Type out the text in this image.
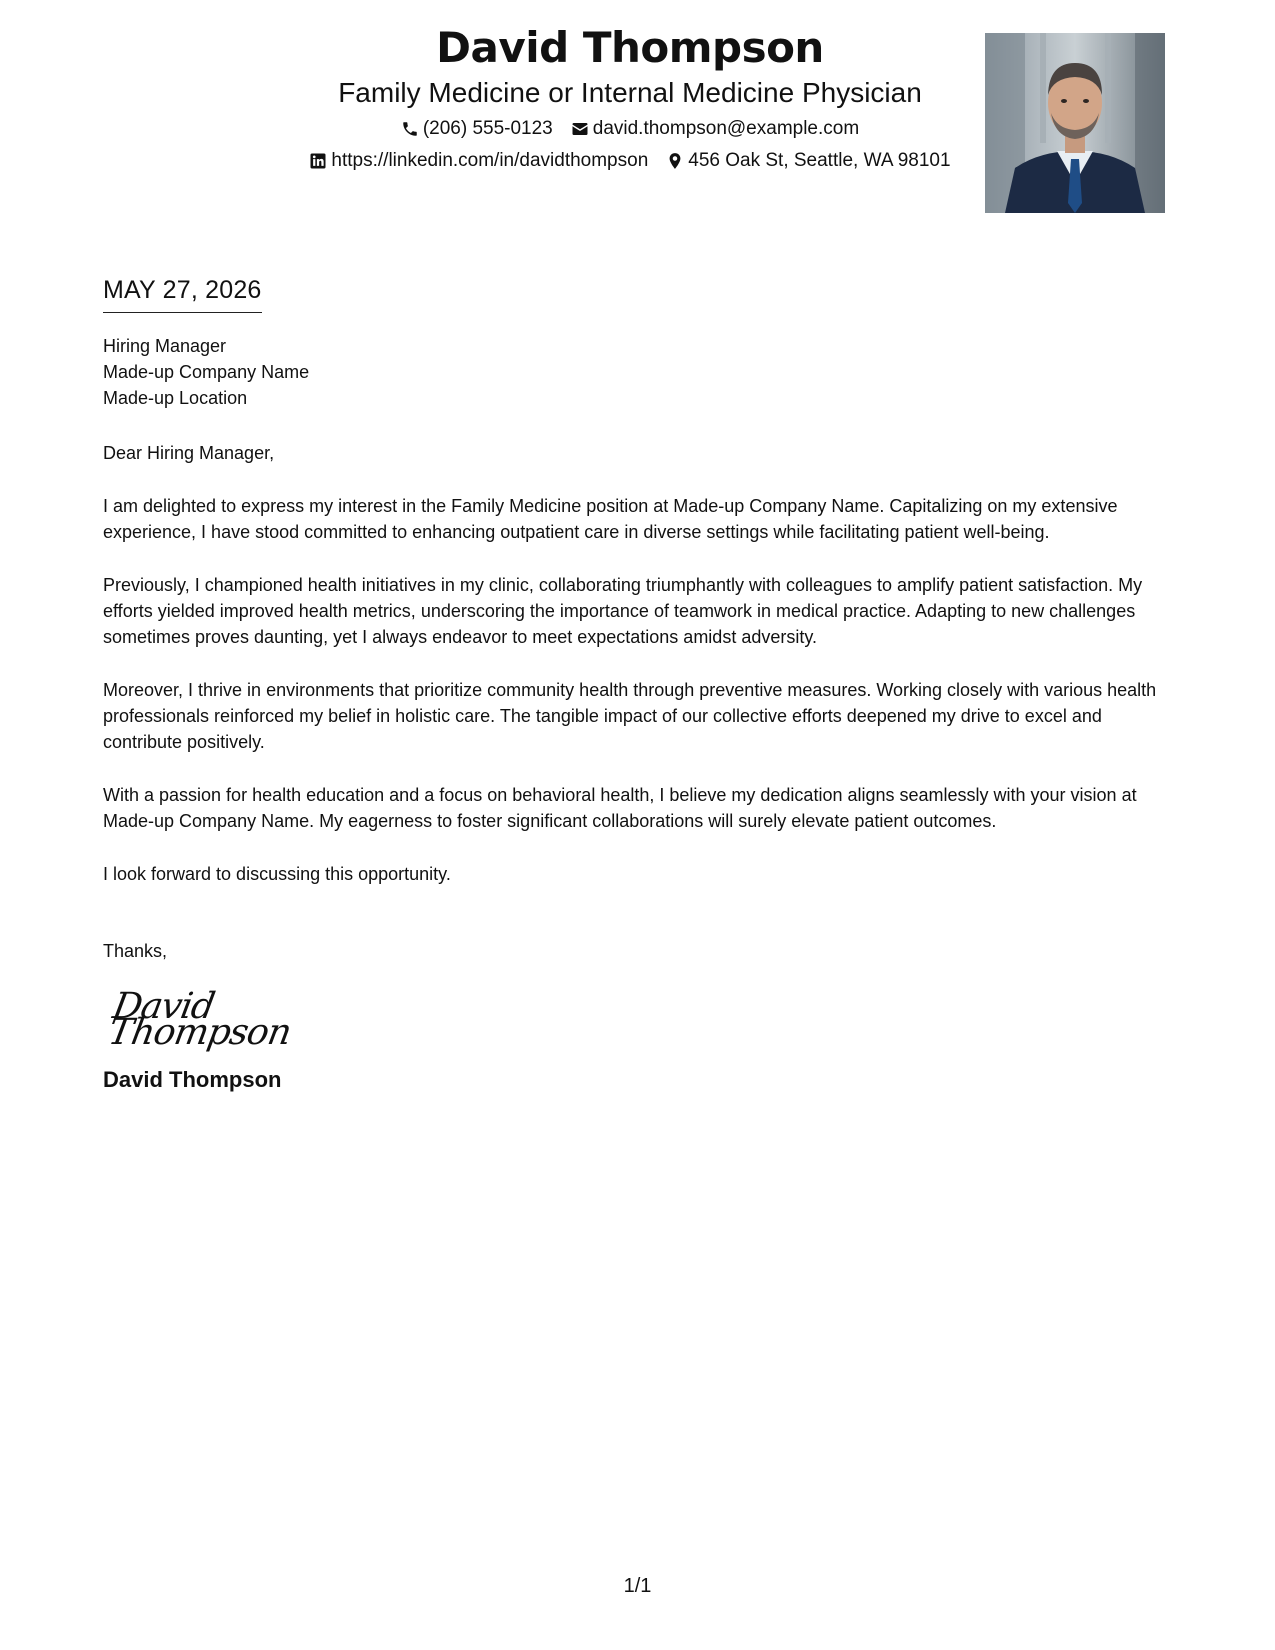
David Thompson
Family Medicine or Internal Medicine Physician
(206) 555-0123 david.thompson@example.com
https://linkedin.com/in/davidthompson 456 Oak St, Seattle, WA 98101
MAY 27, 2026
Hiring Manager
Made-up Company Name
Made-up Location
Dear Hiring Manager,
I am delighted to express my interest in the Family Medicine position at Made-up Company Name. Capitalizing on my extensive experience, I have stood committed to enhancing outpatient care in diverse settings while facilitating patient well-being.
Previously, I championed health initiatives in my clinic, collaborating triumphantly with colleagues to amplify patient satisfaction. My efforts yielded improved health metrics, underscoring the importance of teamwork in medical practice. Adapting to new challenges sometimes proves daunting, yet I always endeavor to meet expectations amidst adversity.
Moreover, I thrive in environments that prioritize community health through preventive measures. Working closely with various health professionals reinforced my belief in holistic care. The tangible impact of our collective efforts deepened my drive to excel and contribute positively.
With a passion for health education and a focus on behavioral health, I believe my dedication aligns seamlessly with your vision at Made-up Company Name. My eagerness to foster significant collaborations will surely elevate patient outcomes.
I look forward to discussing this opportunity.
Thanks,
David Thompson
David Thompson
1/1
